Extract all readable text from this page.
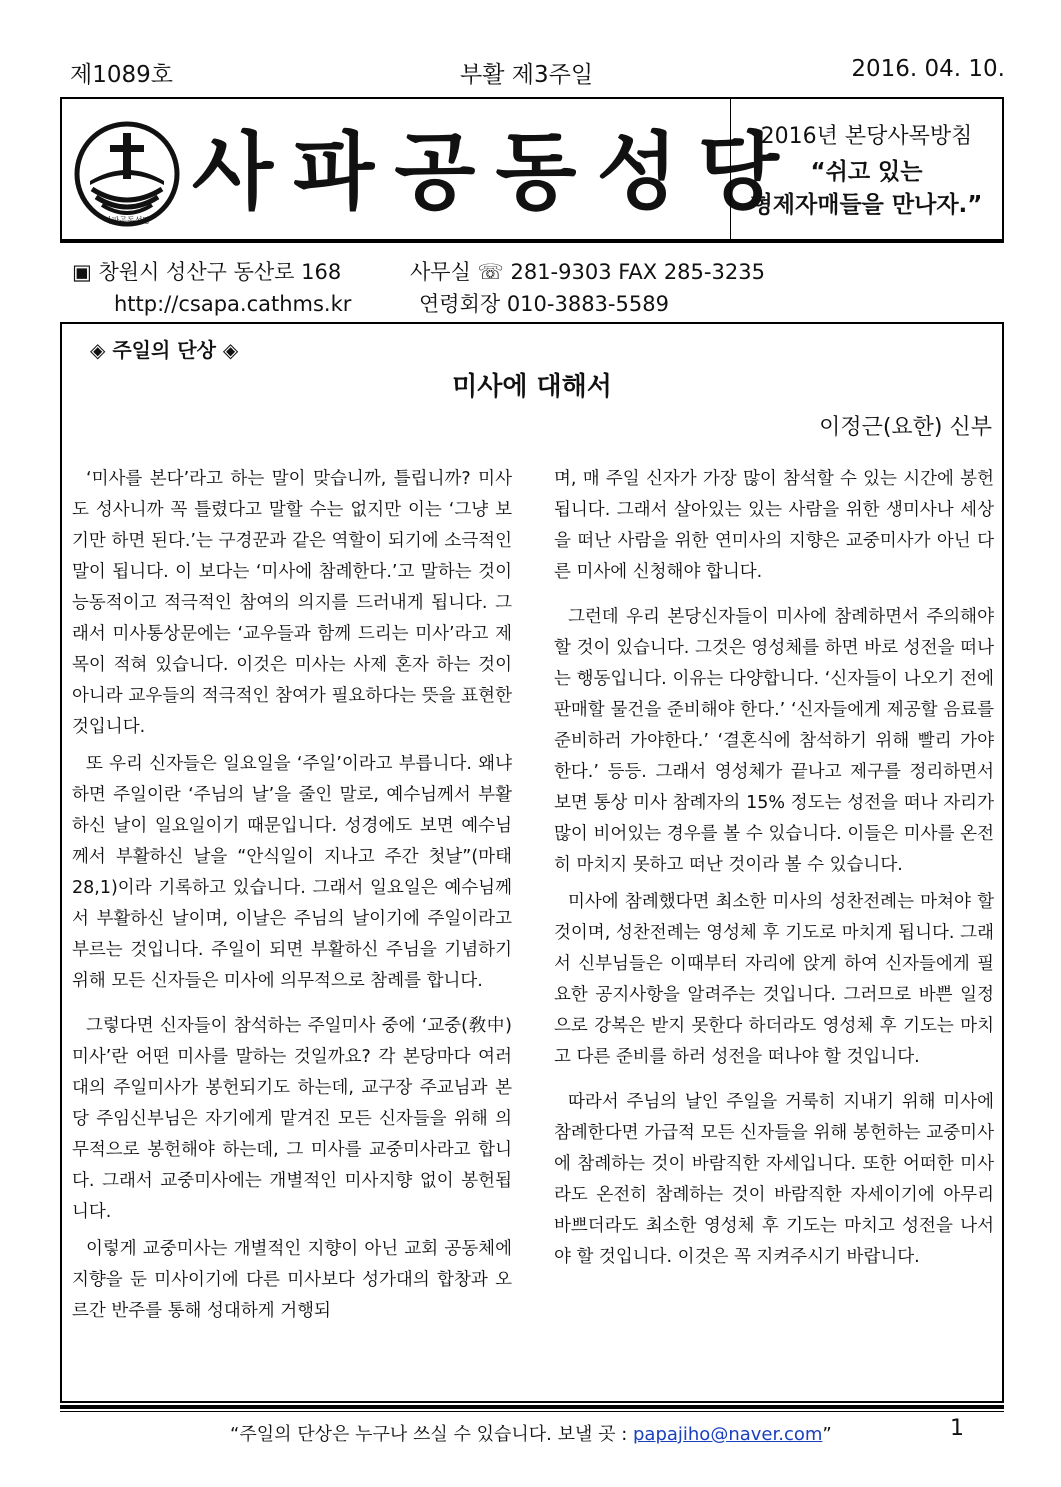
제1089호	부활 제3주일	2016. 04. 10.
사파공동성당 사파공동성당
2016년 본당사목방침
“쉬고 있는
형제자매들을 만나자.”
▣ 창원시 성산구 동산로 168	사무실 ☏ 281-9303 FAX 285-3235
http://csapa.cathms.kr	연령회장 010-3883-5589
◈ 주일의 단상 ◈
미사에 대해서
이정근(요한) 신부

‘미사를 본다’라고 하는 말이 맞습니까, 틀립니까? 미사도 성사니까 꼭 틀렸다고 말할 수는 없지만 이는 ‘그냥 보기만 하면 된다.’는 구경꾼과 같은 역할이 되기에 소극적인 말이 됩니다. 이 보다는 ‘미사에 참례한다.’고 말하는 것이 능동적이고 적극적인 참여의 의지를 드러내게 됩니다. 그래서 미사통상문에는 ‘교우들과 함께 드리는 미사’라고 제목이 적혀 있습니다. 이것은 미사는 사제 혼자 하는 것이 아니라 교우들의 적극적인 참여가 필요하다는 뜻을 표현한 것입니다.

또 우리 신자들은 일요일을 ‘주일’이라고 부릅니다. 왜냐하면 주일이란 ‘주님의 날’을 줄인 말로, 예수님께서 부활하신 날이 일요일이기 때문입니다. 성경에도 보면 예수님께서 부활하신 날을 “안식일이 지나고 주간 첫날”(마태 28,1)이라 기록하고 있습니다. 그래서 일요일은 예수님께서 부활하신 날이며, 이날은 주님의 날이기에 주일이라고 부르는 것입니다. 주일이 되면 부활하신 주님을 기념하기 위해 모든 신자들은 미사에 의무적으로 참례를 합니다.

그렇다면 신자들이 참석하는 주일미사 중에 ‘교중(敎中)미사’란 어떤 미사를 말하는 것일까요? 각 본당마다 여러 대의 주일미사가 봉헌되기도 하는데, 교구장 주교님과 본당 주임신부님은 자기에게 맡겨진 모든 신자들을 위해 의무적으로 봉헌해야 하는데, 그 미사를 교중미사라고 합니다. 그래서 교중미사에는 개별적인 미사지향 없이 봉헌됩니다.

이렇게 교중미사는 개별적인 지향이 아닌 교회 공동체에 지향을 둔 미사이기에 다른 미사보다 성가대의 합창과 오르간 반주를 통해 성대하게 거행되

며, 매 주일 신자가 가장 많이 참석할 수 있는 시간에 봉헌됩니다. 그래서 살아있는 있는 사람을 위한 생미사나 세상을 떠난 사람을 위한 연미사의 지향은 교중미사가 아닌 다른 미사에 신청해야 합니다.

그런데 우리 본당신자들이 미사에 참례하면서 주의해야 할 것이 있습니다. 그것은 영성체를 하면 바로 성전을 떠나는 행동입니다. 이유는 다양합니다. ‘신자들이 나오기 전에 판매할 물건을 준비해야 한다.’ ‘신자들에게 제공할 음료를 준비하러 가야한다.’ ‘결혼식에 참석하기 위해 빨리 가야 한다.’ 등등. 그래서 영성체가 끝나고 제구를 정리하면서 보면 통상 미사 참례자의 15% 정도는 성전을 떠나 자리가 많이 비어있는 경우를 볼 수 있습니다. 이들은 미사를 온전히 마치지 못하고 떠난 것이라 볼 수 있습니다.

미사에 참례했다면 최소한 미사의 성찬전례는 마쳐야 할 것이며, 성찬전례는 영성체 후 기도로 마치게 됩니다. 그래서 신부님들은 이때부터 자리에 앉게 하여 신자들에게 필요한 공지사항을 알려주는 것입니다. 그러므로 바쁜 일정으로 강복은 받지 못한다 하더라도 영성체 후 기도는 마치고 다른 준비를 하러 성전을 떠나야 할 것입니다.

따라서 주님의 날인 주일을 거룩히 지내기 위해 미사에 참례한다면 가급적 모든 신자들을 위해 봉헌하는 교중미사에 참례하는 것이 바람직한 자세입니다. 또한 어떠한 미사라도 온전히 참례하는 것이 바람직한 자세이기에 아무리 바쁘더라도 최소한 영성체 후 기도는 마치고 성전을 나서야 할 것입니다. 이것은 꼭 지켜주시기 바랍니다.

“주일의 단상은 누구나 쓰실 수 있습니다. 보낼 곳 : papajiho@naver.com”	1
